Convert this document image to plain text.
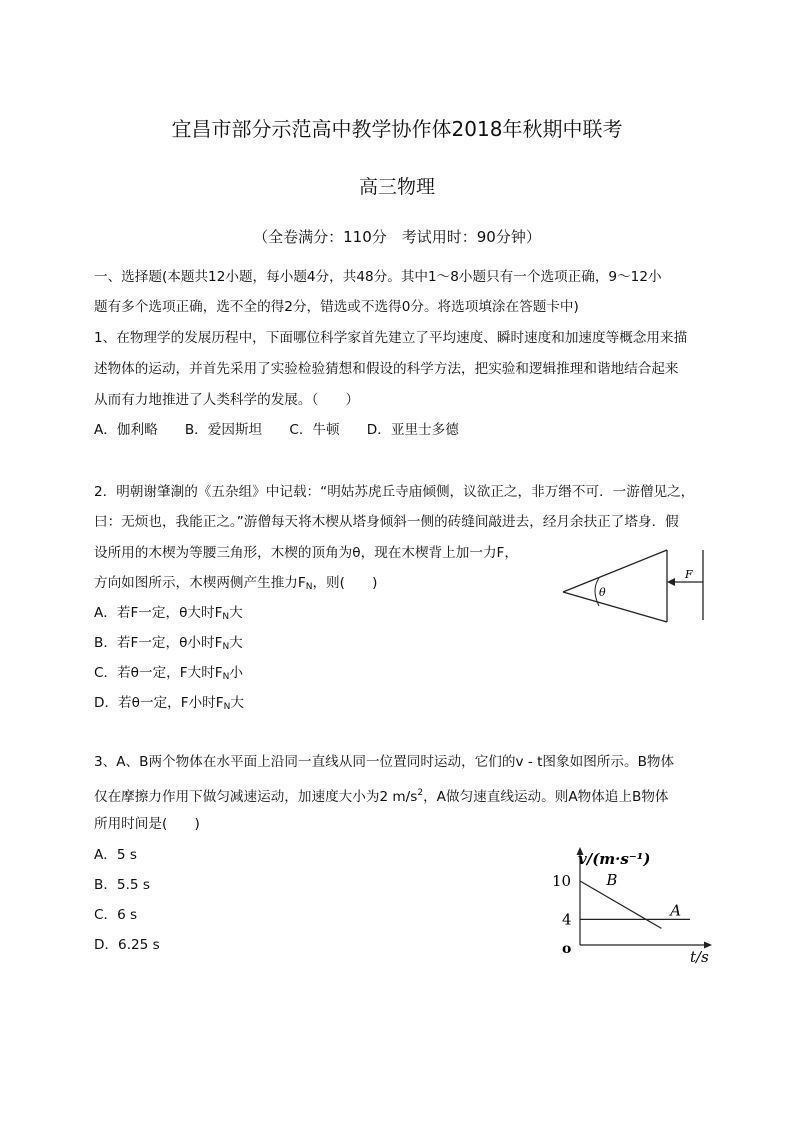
宜昌市部分示范高中教学协作体2018年秋期中联考
高三物理
（全卷满分：110分　考试用时：90分钟）
一、选择题(本题共12小题，每小题4分，共48分。其中1～8小题只有一个选项正确，9～12小
题有多个选项正确，选不全的得2分，错选或不选得0分。将选项填涂在答题卡中)
1、在物理学的发展历程中，下面哪位科学家首先建立了平均速度、瞬时速度和加速度等概念用来描
述物体的运动，并首先采用了实验检验猜想和假设的科学方法，把实验和逻辑推理和谐地结合起来
从而有力地推进了人类科学的发展。（　　）
A．伽利略　　B．爱因斯坦　　C．牛顿　　D．亚里士多德
2．明朝谢肇淛的《五杂组》中记载：“明姑苏虎丘寺庙倾侧，议欲正之，非万缗不可．一游僧见之，
曰：无烦也，我能正之。”游僧每天将木楔从塔身倾斜一侧的砖缝间敲进去，经月余扶正了塔身．假
设所用的木楔为等腰三角形，木楔的顶角为θ，现在木楔背上加一力F，
方向如图所示，木楔两侧产生推力$F_N$，则(　　)
A．若F一定，θ大时$F_N$大
B．若F一定，θ小时$F_N$大
C．若θ一定，F大时$F_N$小
D．若θ一定，F小时$F_N$大
θ
F
3、A、B两个物体在水平面上沿同一直线从同一位置同时运动，它们的v - t图象如图所示。B物体
仅在摩擦力作用下做匀减速运动，加速度大小为2 $m/s^2$，A做匀速直线运动。则A物体追上B物体
所用时间是(　　)
A．5 s
B．5.5 s
C．6 s
D．6.25 s
v/(m·s⁻¹)
t/s
o
10
4
B
A
